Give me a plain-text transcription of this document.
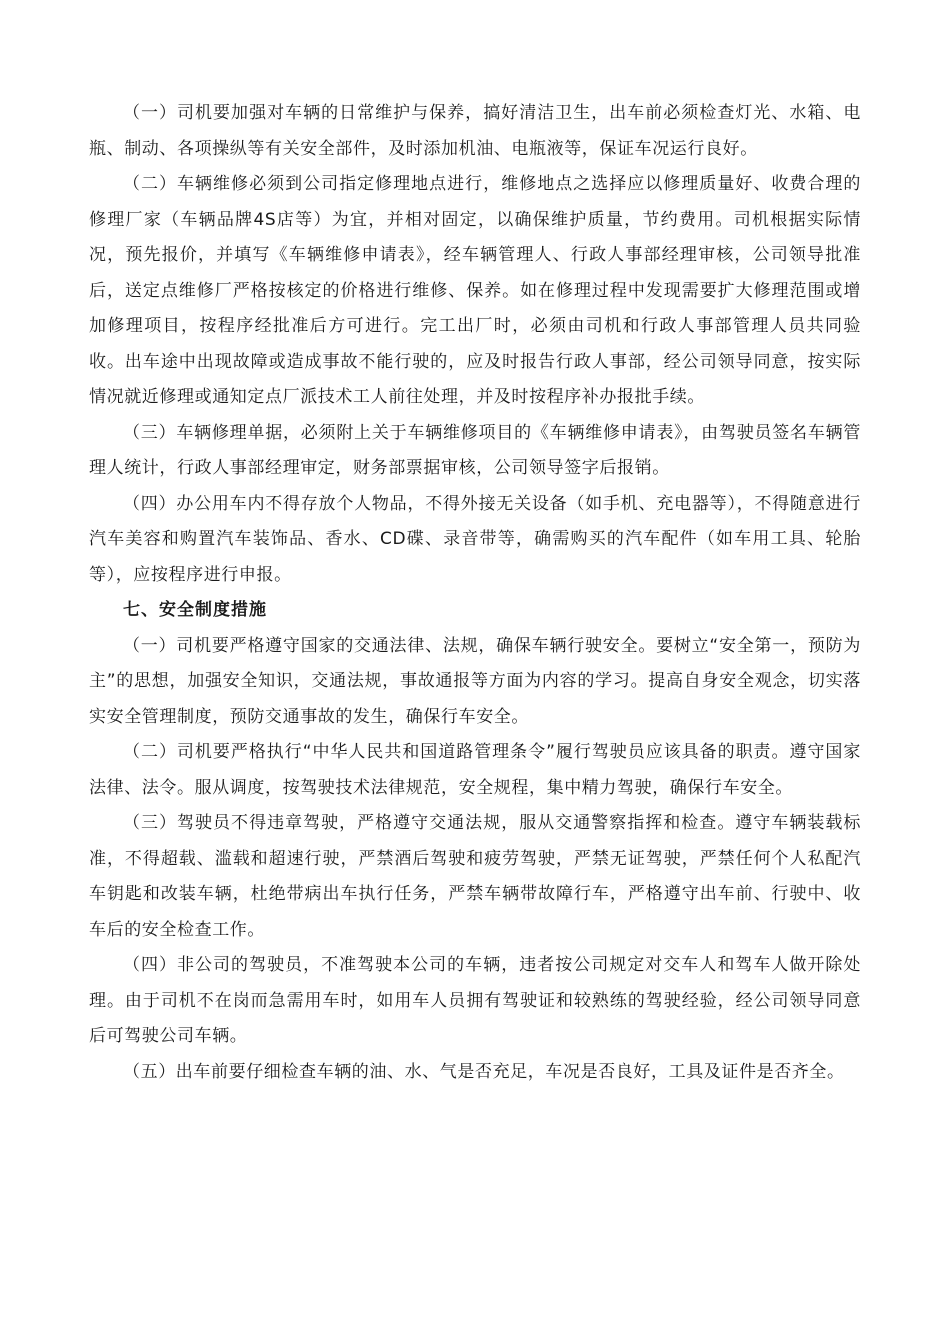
（一）司机要加强对车辆的日常维护与保养，搞好清洁卫生，出车前必须检查灯光、水箱、电瓶、制动、各项操纵等有关安全部件，及时添加机油、电瓶液等，保证车况运行良好。

（二）车辆维修必须到公司指定修理地点进行，维修地点之选择应以修理质量好、收费合理的修理厂家（车辆品牌4S店等）为宜，并相对固定，以确保维护质量，节约费用。司机根据实际情况，预先报价，并填写《车辆维修申请表》，经车辆管理人、行政人事部经理审核，公司领导批准后，送定点维修厂严格按核定的价格进行维修、保养。如在修理过程中发现需要扩大修理范围或增加修理项目，按程序经批准后方可进行。完工出厂时，必须由司机和行政人事部管理人员共同验收。出车途中出现故障或造成事故不能行驶的，应及时报告行政人事部，经公司领导同意，按实际情况就近修理或通知定点厂派技术工人前往处理，并及时按程序补办报批手续。

（三）车辆修理单据，必须附上关于车辆维修项目的《车辆维修申请表》，由驾驶员签名车辆管理人统计，行政人事部经理审定，财务部票据审核，公司领导签字后报销。

（四）办公用车内不得存放个人物品，不得外接无关设备（如手机、充电器等），不得随意进行汽车美容和购置汽车装饰品、香水、CD碟、录音带等，确需购买的汽车配件（如车用工具、轮胎等），应按程序进行申报。

七、安全制度措施

（一）司机要严格遵守国家的交通法律、法规，确保车辆行驶安全。要树立“安全第一，预防为主”的思想，加强安全知识，交通法规，事故通报等方面为内容的学习。提高自身安全观念，切实落实安全管理制度，预防交通事故的发生，确保行车安全。

（二）司机要严格执行“中华人民共和国道路管理条令”履行驾驶员应该具备的职责。遵守国家法律、法令。服从调度，按驾驶技术法律规范，安全规程，集中精力驾驶，确保行车安全。

（三）驾驶员不得违章驾驶，严格遵守交通法规，服从交通警察指挥和检查。遵守车辆装载标准，不得超载、滥载和超速行驶，严禁酒后驾驶和疲劳驾驶，严禁无证驾驶，严禁任何个人私配汽车钥匙和改装车辆，杜绝带病出车执行任务，严禁车辆带故障行车，严格遵守出车前、行驶中、收车后的安全检查工作。

（四）非公司的驾驶员，不准驾驶本公司的车辆，违者按公司规定对交车人和驾车人做开除处理。由于司机不在岗而急需用车时，如用车人员拥有驾驶证和较熟练的驾驶经验，经公司领导同意后可驾驶公司车辆。

（五）出车前要仔细检查车辆的油、水、气是否充足，车况是否良好，工具及证件是否齐全。
